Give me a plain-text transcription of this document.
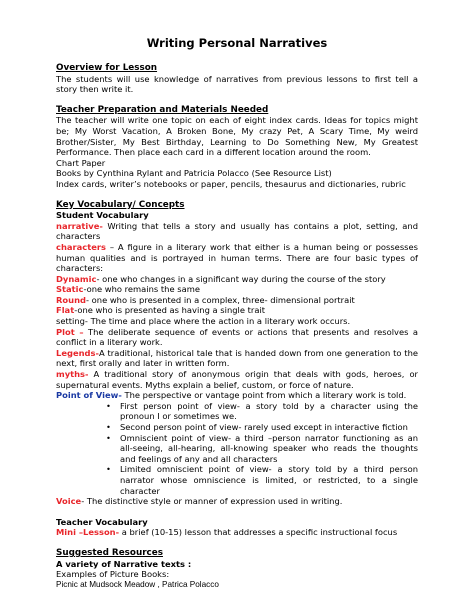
Writing Personal Narratives

Overview for Lesson

The students will use knowledge of narratives from previous lessons to first tell a story then write it.

Teacher Preparation and Materials Needed

The teacher will write one topic on each of eight index cards. Ideas for topics might be; My Worst Vacation, A Broken Bone, My crazy Pet, A Scary Time, My weird Brother/Sister, My Best Birthday, Learning to Do Something New, My Greatest Performance. Then place each card in a different location around the room.

Chart Paper

Books by Cynthina Rylant and Patricia Polacco (See Resource List)

Index cards, writer’s notebooks or paper, pencils, thesaurus and dictionaries, rubric

Key Vocabulary/ Concepts

Student Vocabulary

narrative- Writing that tells a story and usually has contains a plot, setting, and characters

characters – A figure in a literary work that either is a human being or possesses human qualities and is portrayed in human terms. There are four basic types of characters:

Dynamic- one who changes in a significant way during the course of the story

Static-one who remains the same

Round- one who is presented in a complex, three- dimensional portrait

Flat-one who is presented as having a single trait

setting- The time and place where the action in a literary work occurs.

Plot – The deliberate sequence of events or actions that presents and resolves a conflict in a literary work.

Legends-A traditional, historical tale that is handed down from one generation to the next, first orally and later in written form.

myths- A traditional story of anonymous origin that deals with gods, heroes, or supernatural events. Myths explain a belief, custom, or force of nature.

Point of View- The perspective or vantage point from which a literary work is told.

• First person point of view- a story told by a character using the pronoun I or sometimes we.
• Second person point of view- rarely used except in interactive fiction
• Omniscient point of view- a third –person narrator functioning as an all-seeing, all-hearing, all-knowing speaker who reads the thoughts and feelings of any and all characters
• Limited omniscient point of view- a story told by a third person narrator whose omniscience is limited, or restricted, to a single character

Voice- The distinctive style or manner of expression used in writing.

Teacher Vocabulary

Mini –Lesson- a brief (10-15) lesson that addresses a specific instructional focus

Suggested Resources

A variety of Narrative texts :

Examples of Picture Books:

Picnic at Mudsock Meadow , Patrica Polacco
